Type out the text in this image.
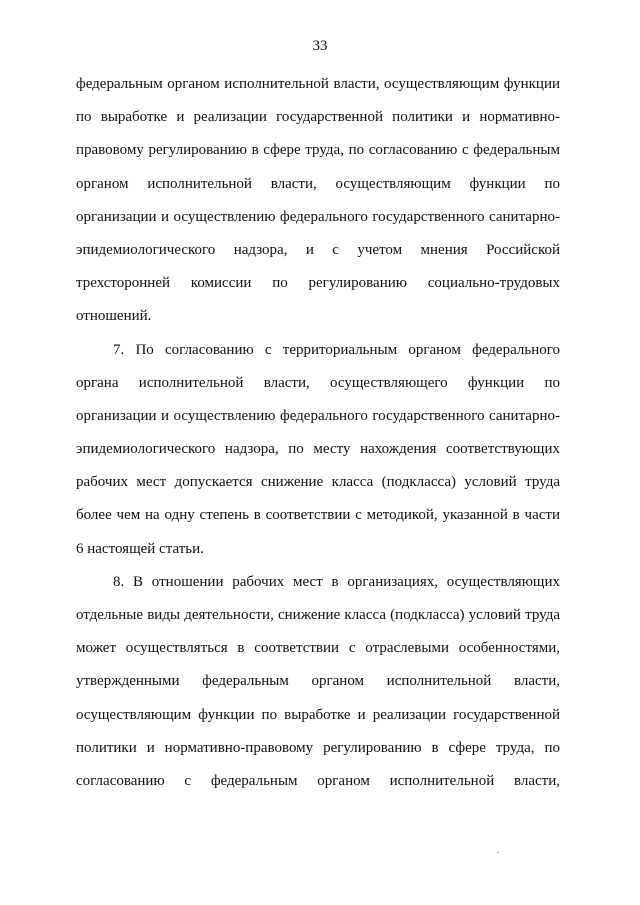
33
федеральным органом исполнительной власти, осуществляющим функции
по выработке и реализации государственной политики и нормативно-
правовому регулированию в сфере труда, по согласованию с федеральным
органом исполнительной власти, осуществляющим функции по
организации и осуществлению федерального государственного санитарно-
эпидемиологического надзора, и с учетом мнения Российской
трехсторонней комиссии по регулированию социально-трудовых
отношений.
7. По согласованию с территориальным органом федерального
органа исполнительной власти, осуществляющего функции по
организации и осуществлению федерального государственного санитарно-
эпидемиологического надзора, по месту нахождения соответствующих
рабочих мест допускается снижение класса (подкласса) условий труда
более чем на одну степень в соответствии с методикой, указанной в части
6 настоящей статьи.
8. В отношении рабочих мест в организациях, осуществляющих
отдельные виды деятельности, снижение класса (подкласса) условий труда
может осуществляться в соответствии с отраслевыми особенностями,
утвержденными федеральным органом исполнительной власти,
осуществляющим функции по выработке и реализации государственной
политики и нормативно-правовому регулированию в сфере труда, по
согласованию с федеральным органом исполнительной власти,
